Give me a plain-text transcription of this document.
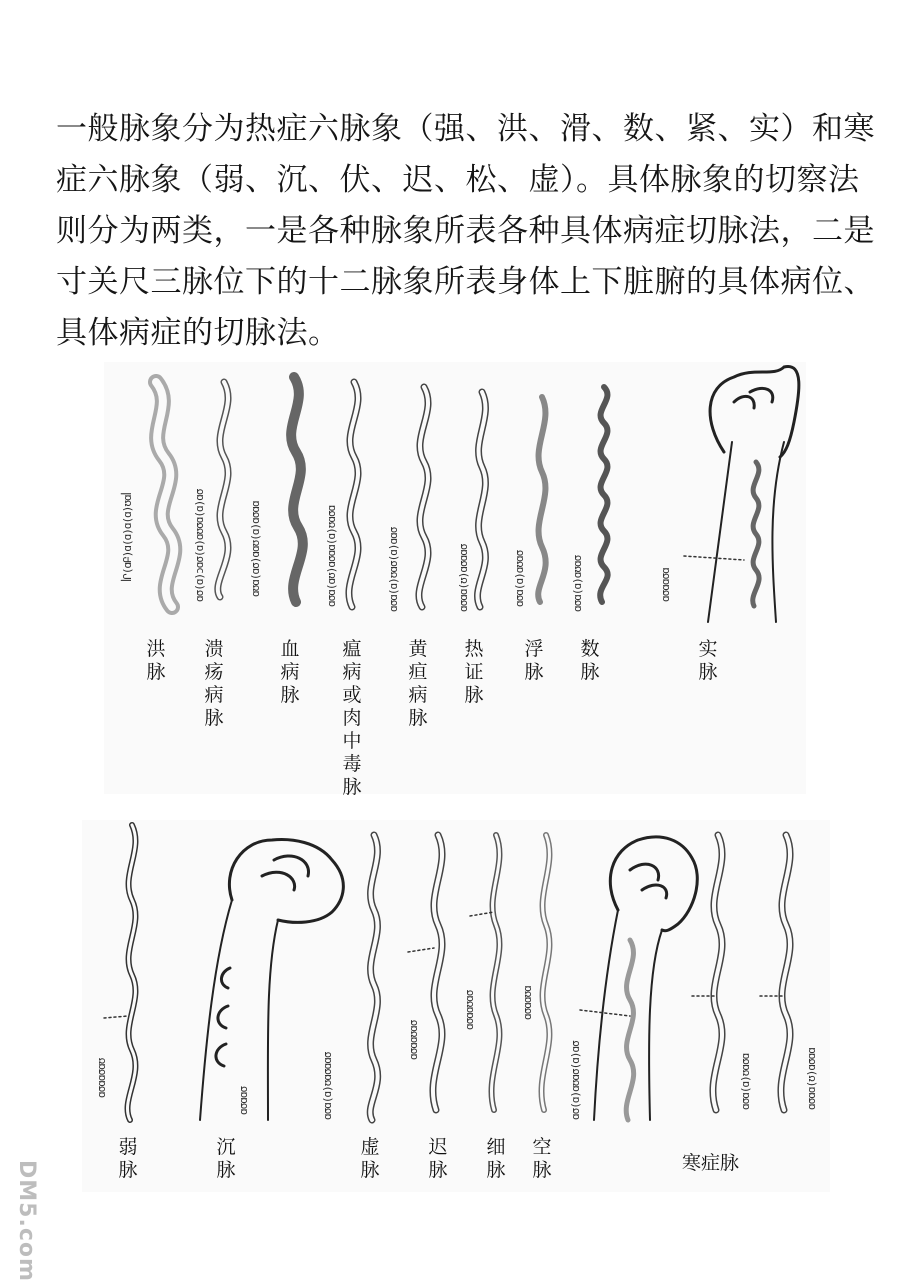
一般脉象分为热症六脉象（强、洪、滑、数、紧、实）和寒
症六脉象（弱、沉、伏、迟、松、虚）。具体脉象的切察法
则分为两类，一是各种脉象所表各种具体病症切脉法，二是
寸关尺三脉位下的十二脉象所表身体上下脏腑的具体病位、
具体病症的切脉法。
ꟾՐ(ɑԲ)ɑ(ɑ)ɑ(ɑ)ʊɑꟾ	ɑσ(ɑ)ɔɑσ(ɑ)ɑʊσɑ(ɑ)ɑσ	ɑʊɑ(ɑσ)ɑɑʊ(ɑ)ɑσɑɑ	ɑσɑ(ɑʊ)ɑσɑɑ(ɑ)ʊɑσɑ	ɑσɑ(ɑ)ʊɑσ(ɑ)ɑɑσ	ɑσɑɑ(ʊ)ɑσɑɑσ	ɑσɑ(ɑ)ɑʊɑσ	ɑσɑ(ɑ)ɑʊɑσ	ɑσɑɑσɑ
洪
脉
溃
疡
病
脉
血
病
脉
瘟
病
或
肉
中
毒
脉
黄
疸
病
脉
热
证
脉
浮
脉
数
脉
实
脉
ɑσɑɑσɑʊ
ɑσɑɑσ	ɑσɑ(ɑ)ʊɑσɑɑσ
ɑσɑɑʊɑσ
ɑσɑɑʊɑσ	ɑσɑɑʊɑ
ɑσ(ɑ)ɑʊɑσ(ɑ)ɑσ	ɑσɑ(ɑ)ʊɑσɑ	ɑσɑɑ(ʊ)ɑσɑɑ
弱
脉
沉
脉
虚
脉
迟
脉
细
脉
空
脉	寒症脉
DM5.com
